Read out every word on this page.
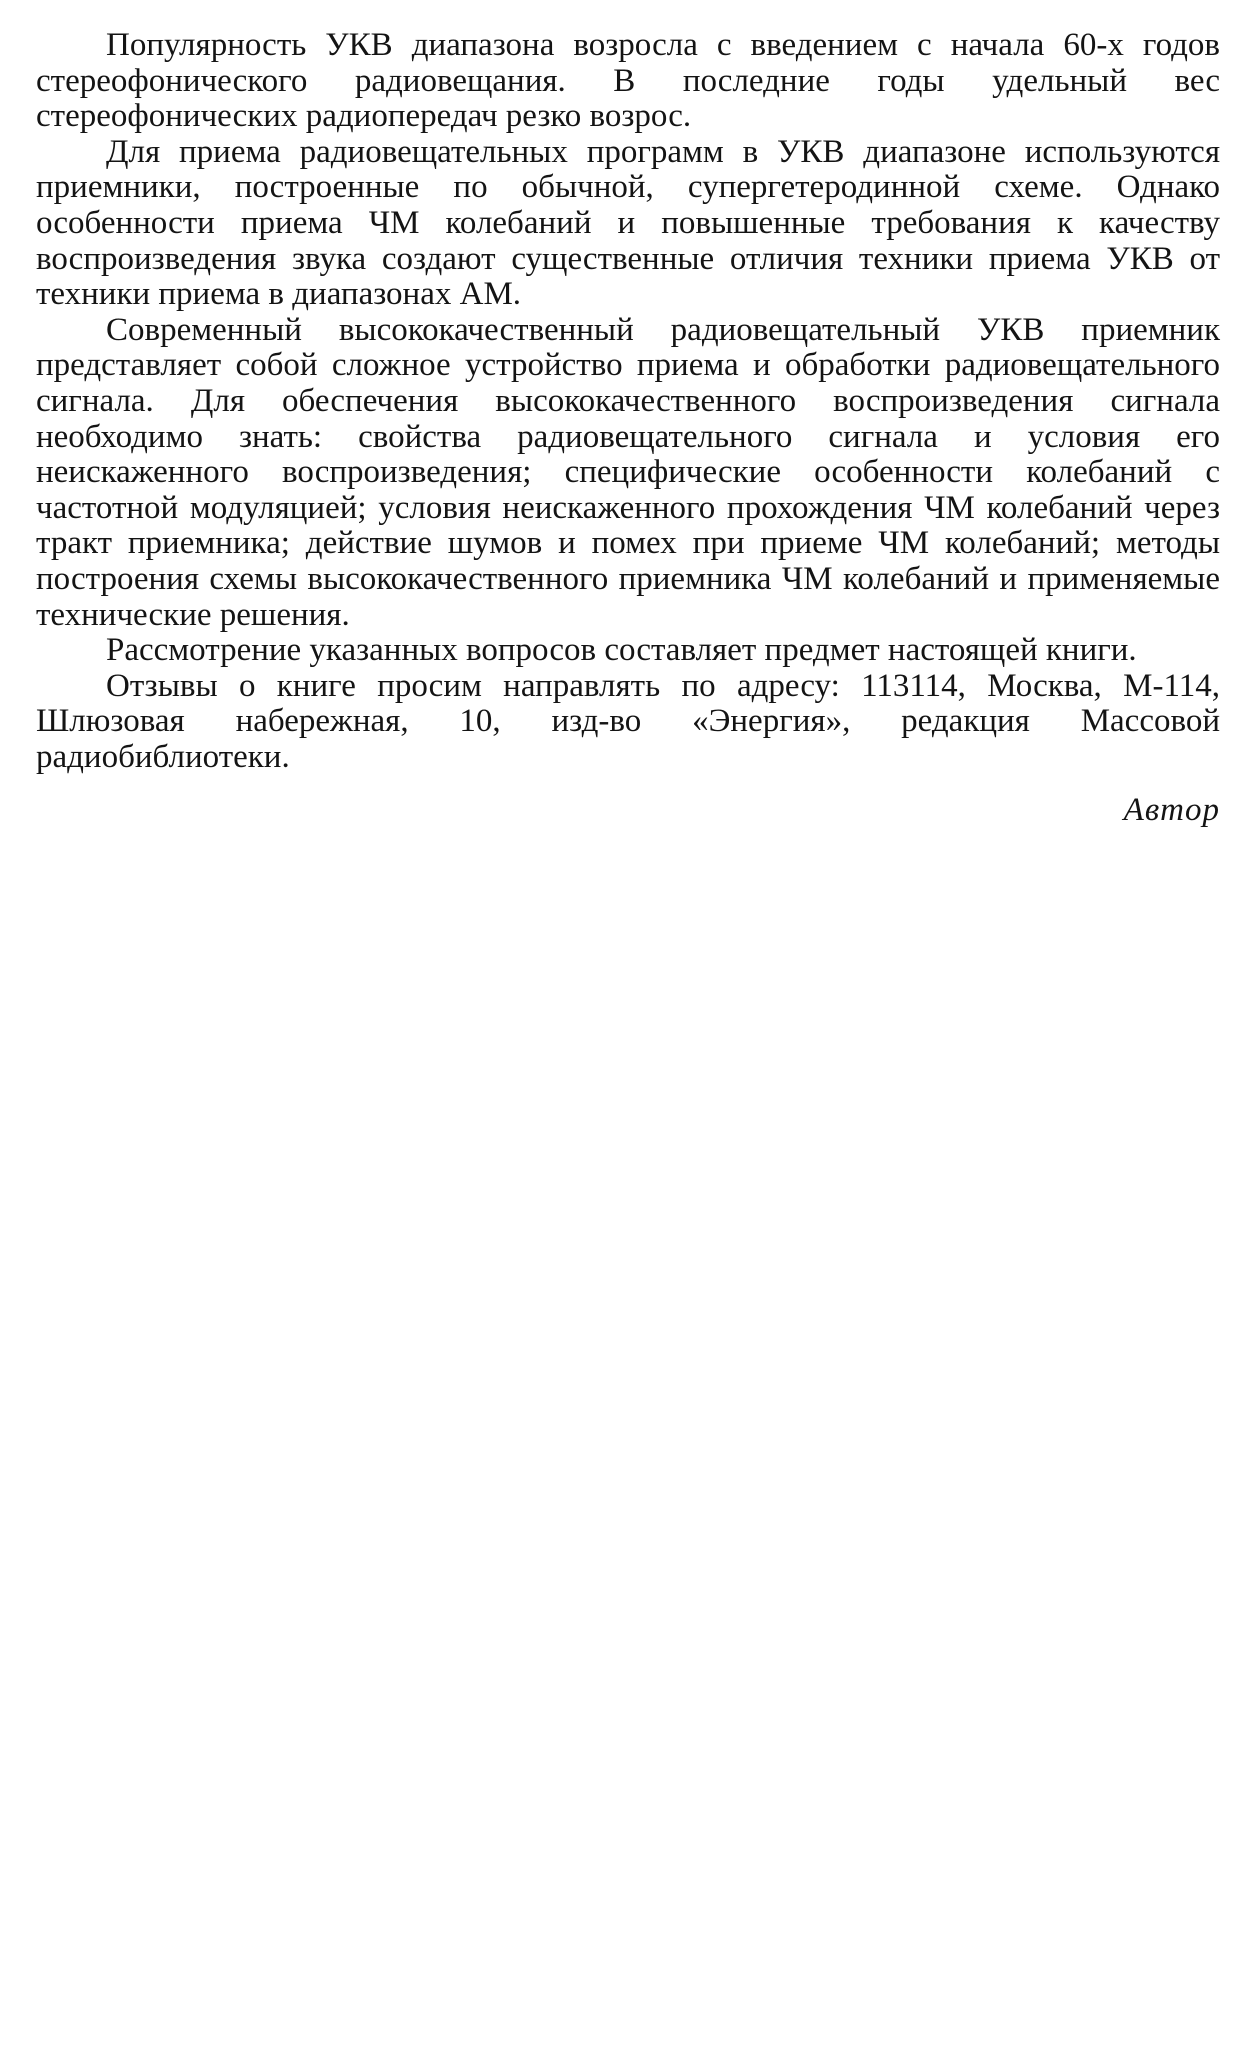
Популярность УКВ диапазона возросла с введением с начала 60-х годов стереофонического радиовещания. В последние годы удельный вес стереофонических радиопередач резко возрос.

Для приема радиовещательных программ в УКВ диапазоне используются приемники, построенные по обычной, супергетеродинной схеме. Однако особенности приема ЧМ колебаний и повышенные требования к качеству воспроизведения звука создают существенные отличия техники приема УКВ от техники приема в диапазонах АМ.

Современный высококачественный радиовещательный УКВ приемник представляет собой сложное устройство приема и обработки радиовещательного сигнала. Для обеспечения высококачественного воспроизведения сигнала необходимо знать: свойства радиовещательного сигнала и условия его неискаженного воспроизведения; специфические особенности колебаний с частотной модуляцией; условия неискаженного прохождения ЧМ колебаний через тракт приемника; действие шумов и помех при приеме ЧМ колебаний; методы построения схемы высококачественного приемника ЧМ колебаний и применяемые технические решения.

Рассмотрение указанных вопросов составляет предмет настоящей книги.

Отзывы о книге просим направлять по адресу: 113114, Москва, М-114, Шлюзовая набережная, 10, изд-во «Энергия», редакция Массовой радиобиблиотеки.

Автор
